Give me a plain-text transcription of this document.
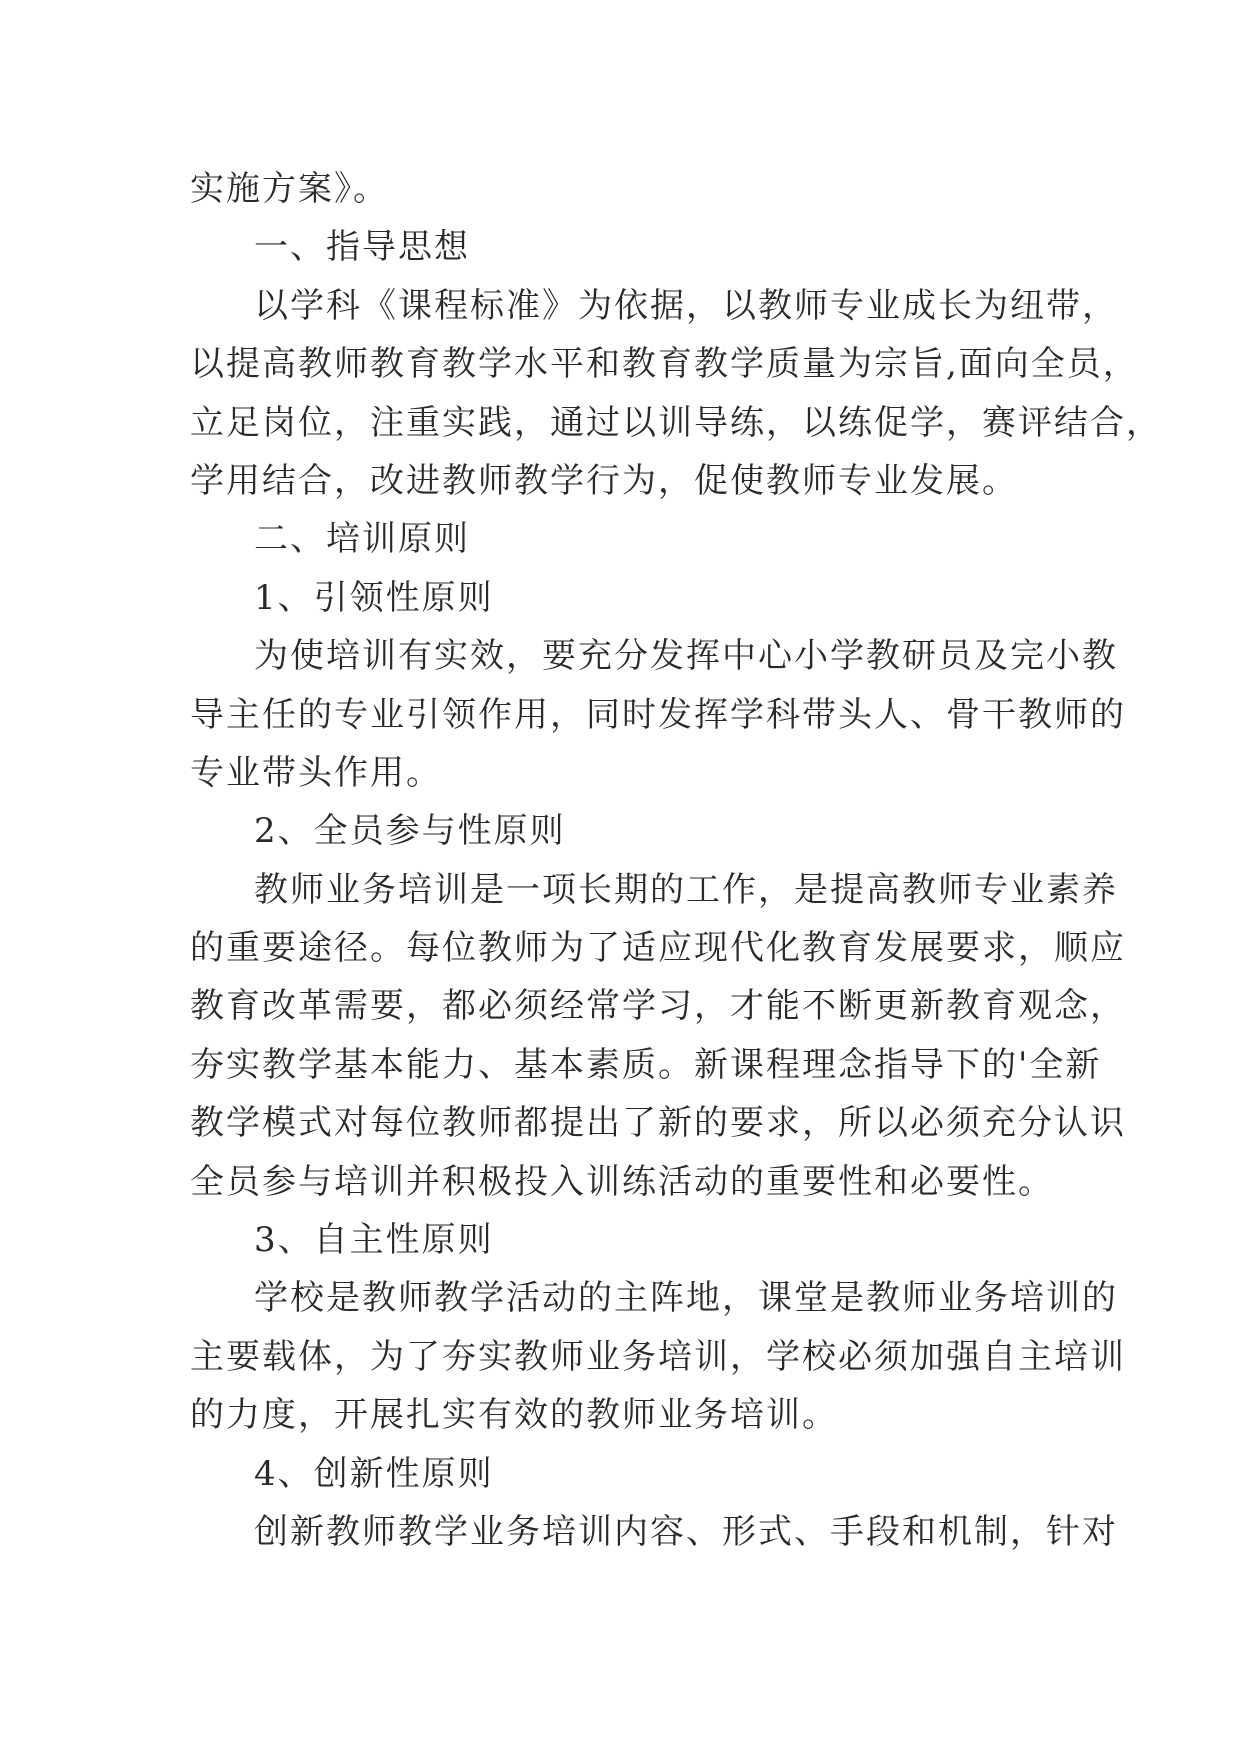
实施方案》。
一、指导思想
以学科《课程标准》为依据，以教师专业成长为纽带，
以提高教师教育教学水平和教育教学质量为宗旨,面向全员，
立足岗位，注重实践，通过以训导练，以练促学，赛评结合，
学用结合，改进教师教学行为，促使教师专业发展。
二、培训原则
1、引领性原则
为使培训有实效，要充分发挥中心小学教研员及完小教
导主任的专业引领作用，同时发挥学科带头人、骨干教师的
专业带头作用。
2、全员参与性原则
教师业务培训是一项长期的工作，是提高教师专业素养
的重要途径。每位教师为了适应现代化教育发展要求，顺应
教育改革需要，都必须经常学习，才能不断更新教育观念，
夯实教学基本能力、基本素质。新课程理念指导下的'全新
教学模式对每位教师都提出了新的要求，所以必须充分认识
全员参与培训并积极投入训练活动的重要性和必要性。
3、自主性原则
学校是教师教学活动的主阵地，课堂是教师业务培训的
主要载体，为了夯实教师业务培训，学校必须加强自主培训
的力度，开展扎实有效的教师业务培训。
4、创新性原则
创新教师教学业务培训内容、形式、手段和机制，针对
